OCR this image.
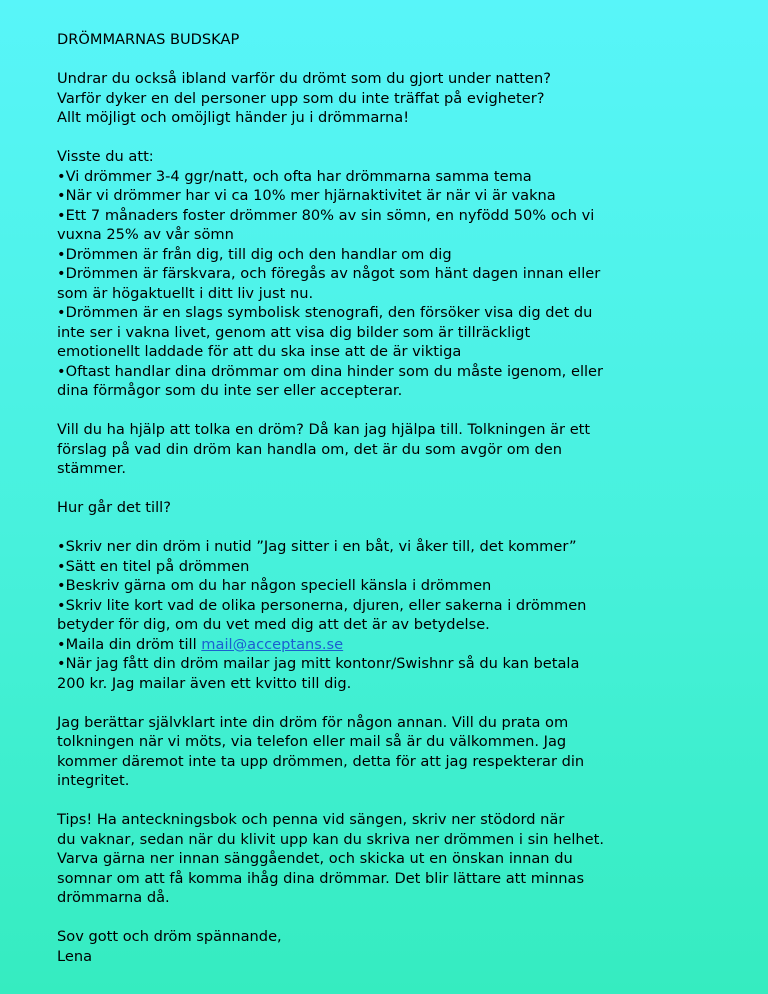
DRÖMMARNAS BUDSKAP
Undrar du också ibland varför du drömt som du gjort under natten?
Varför dyker en del personer upp som du inte träffat på evigheter?
Allt möjligt och omöjligt händer ju i drömmarna!
Visste du att:
•Vi drömmer 3-4 ggr/natt, och ofta har drömmarna samma tema
•När vi drömmer har vi ca 10% mer hjärnaktivitet är när vi är vakna
•Ett 7 månaders foster drömmer 80% av sin sömn, en nyfödd 50% och vi
vuxna 25% av vår sömn
•Drömmen är från dig, till dig och den handlar om dig
•Drömmen är färskvara, och föregås av något som hänt dagen innan eller
som är högaktuellt i ditt liv just nu.
•Drömmen är en slags symbolisk stenografi, den försöker visa dig det du
inte ser i vakna livet, genom att visa dig bilder som är tillräckligt
emotionellt laddade för att du ska inse att de är viktiga
•Oftast handlar dina drömmar om dina hinder som du måste igenom, eller
dina förmågor som du inte ser eller accepterar.
Vill du ha hjälp att tolka en dröm? Då kan jag hjälpa till. Tolkningen är ett
förslag på vad din dröm kan handla om, det är du som avgör om den
stämmer.
Hur går det till?
•Skriv ner din dröm i nutid ”Jag sitter i en båt, vi åker till, det kommer”
•Sätt en titel på drömmen
•Beskriv gärna om du har någon speciell känsla i drömmen
•Skriv lite kort vad de olika personerna, djuren, eller sakerna i drömmen
betyder för dig, om du vet med dig att det är av betydelse.
•Maila din dröm till mail@acceptans.se
•När jag fått din dröm mailar jag mitt kontonr/Swishnr så du kan betala
200 kr. Jag mailar även ett kvitto till dig.
Jag berättar självklart inte din dröm för någon annan. Vill du prata om
tolkningen när vi möts, via telefon eller mail så är du välkommen. Jag
kommer däremot inte ta upp drömmen, detta för att jag respekterar din
integritet.
Tips! Ha anteckningsbok och penna vid sängen, skriv ner stödord när
du vaknar, sedan när du klivit upp kan du skriva ner drömmen i sin helhet.
Varva gärna ner innan sänggåendet, och skicka ut en önskan innan du
somnar om att få komma ihåg dina drömmar. Det blir lättare att minnas
drömmarna då.
Sov gott och dröm spännande,
Lena
